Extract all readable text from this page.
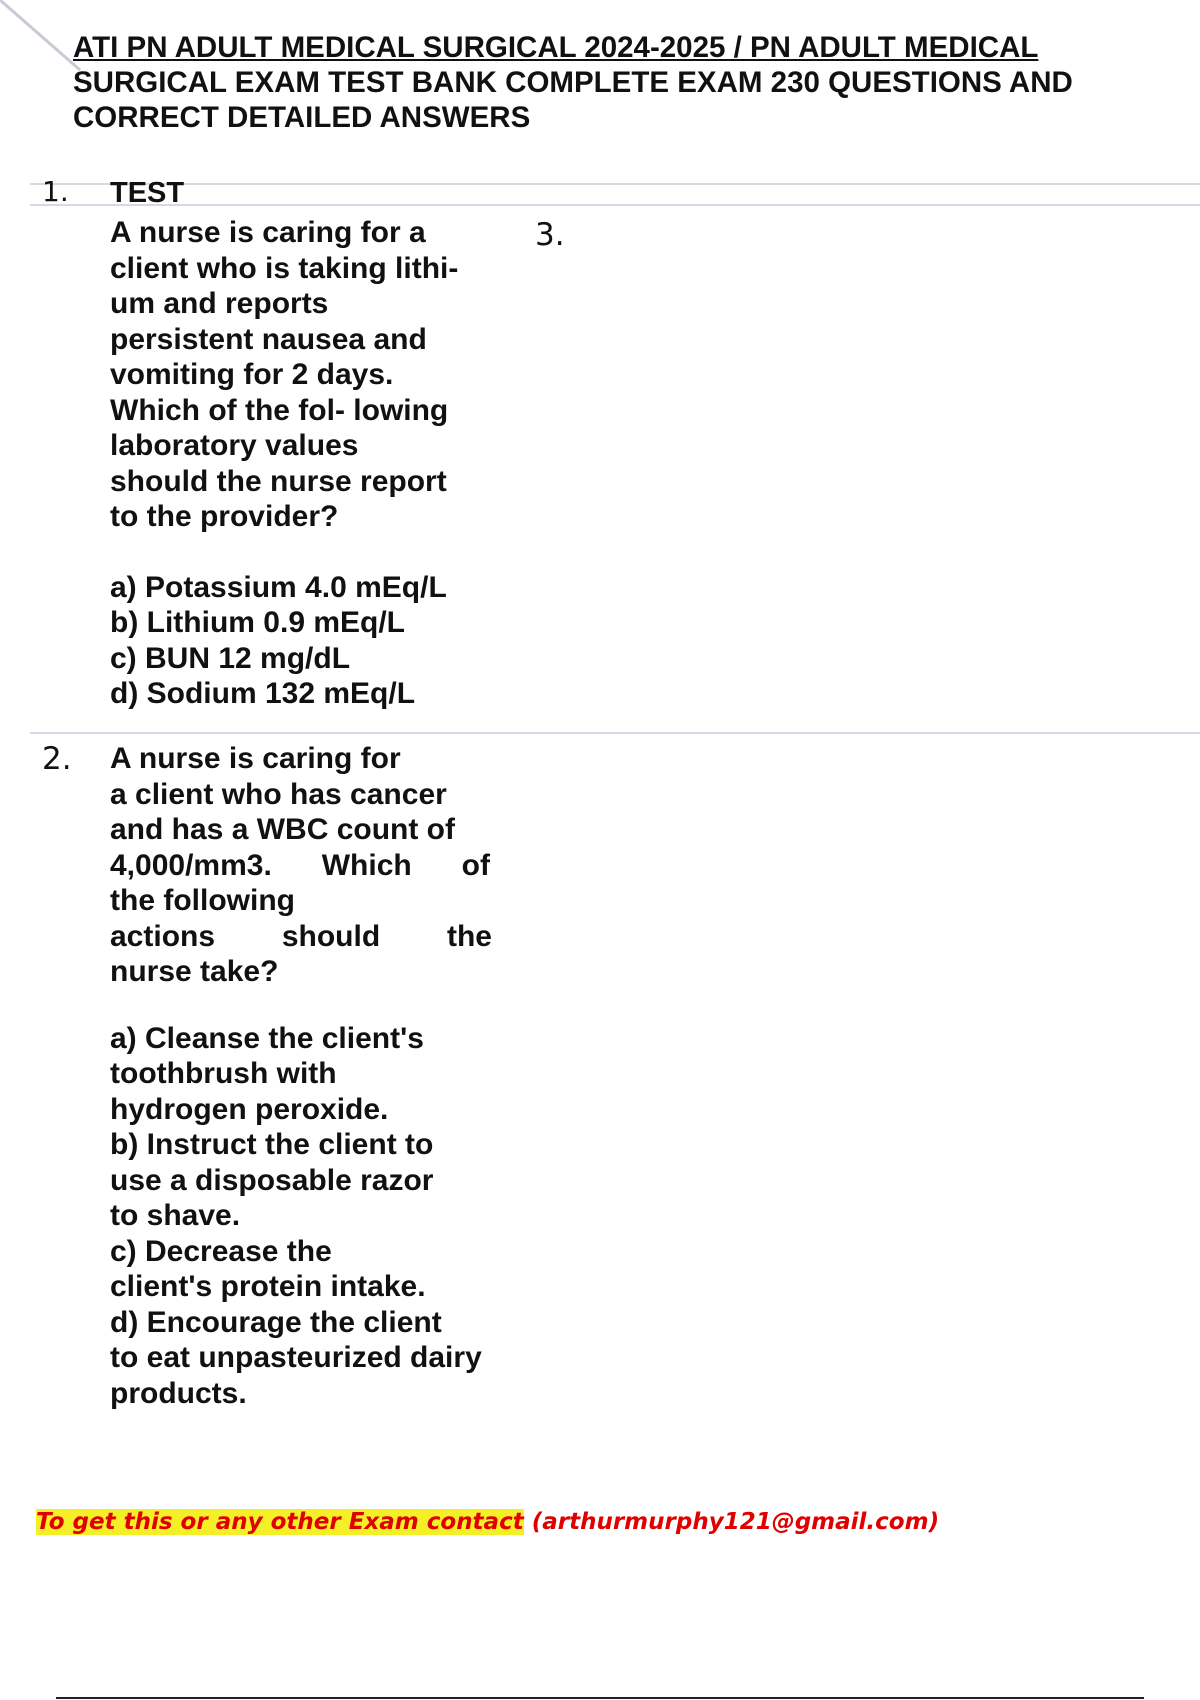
ATI PN ADULT MEDICAL SURGICAL 2024-2025 / PN ADULT MEDICAL
SURGICAL EXAM TEST BANK COMPLETE EXAM 230 QUESTIONS AND
CORRECT DETAILED ANSWERS
1. TEST
3.

A nurse is caring for a

client who is taking lithi-

um and reports

persistent nausea and

vomiting for 2 days.

Which of the fol- lowing

laboratory values

should the nurse report

to the provider?

a) Potassium 4.0 mEq/L

b) Lithium 0.9 mEq/L

c) BUN 12 mg/dL

d) Sodium 132 mEq/L

2. A nurse is caring for

a client who has cancer

and has a WBC count of

4,000/mm3. Which of

the following

actions should the

nurse take?

a) Cleanse the client's

toothbrush with

hydrogen peroxide.

b) Instruct the client to

use a disposable razor

to shave.

c) Decrease the

client's protein intake.

d) Encourage the client

to eat unpasteurized dairy

products.

To get this or any other Exam contact (arthurmurphy121@gmail.com)
